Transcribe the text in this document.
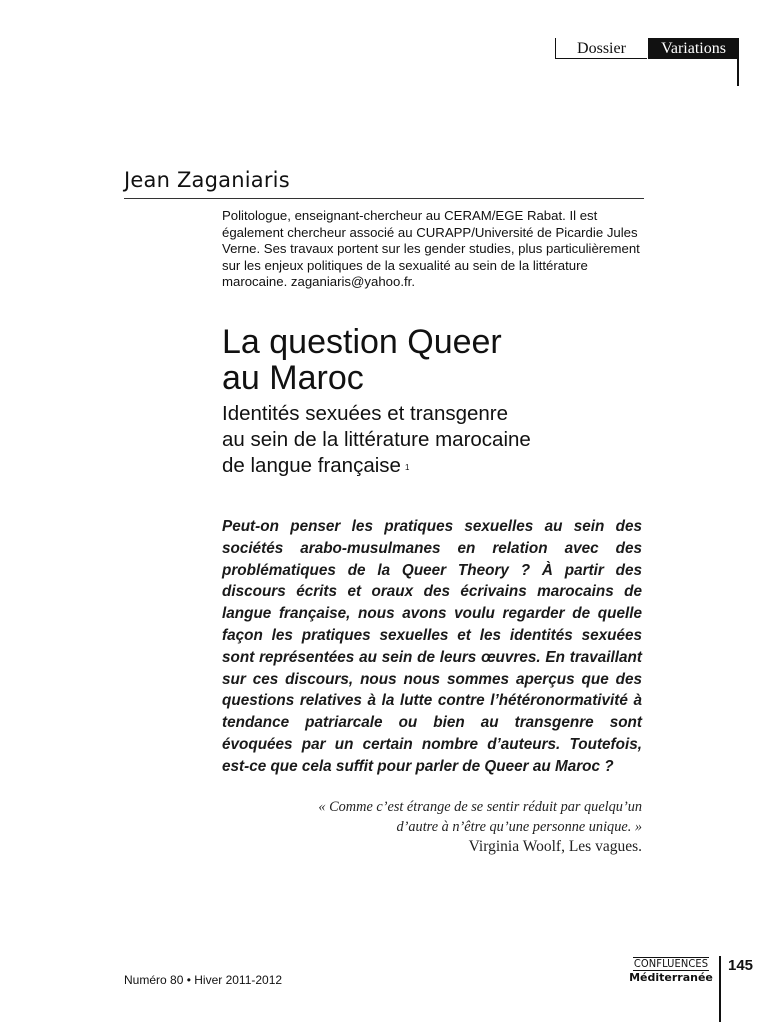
Dossier	Variations
Jean Zaganiaris
Politologue, enseignant-chercheur au CERAM/EGE Rabat. Il est également chercheur associé au CURAPP/Université de Picardie Jules Verne. Ses travaux portent sur les gender studies, plus particulièrement sur les enjeux politiques de la sexualité au sein de la littérature marocaine. zaganiaris@yahoo.fr.
La question Queer
au Maroc
Identités sexuées et transgenre
au sein de la littérature marocaine
de langue française $^1$
Peut-on penser les pratiques sexuelles au sein des sociétés arabo-musulmanes en relation avec des problématiques de la Queer Theory ? À partir des discours écrits et oraux des écrivains marocains de langue française, nous avons voulu regarder de quelle façon les pratiques sexuelles et les identités sexuées sont représentées au sein de leurs œuvres. En travaillant sur ces discours, nous nous sommes aperçus que des questions relatives à la lutte contre l’hétéronormativité à tendance patriarcale ou bien au transgenre sont évoquées par un certain nombre d’auteurs. Toutefois, est-ce que cela suffit pour parler de Queer au Maroc ?
« Comme c’est étrange de se sentir réduit par quelqu’un
d’autre à n’être qu’une personne unique. »
Virginia Woolf, Les vagues.
Numéro 80 • Hiver 2011-2012
CONFLUENCES
Méditerranée
145
